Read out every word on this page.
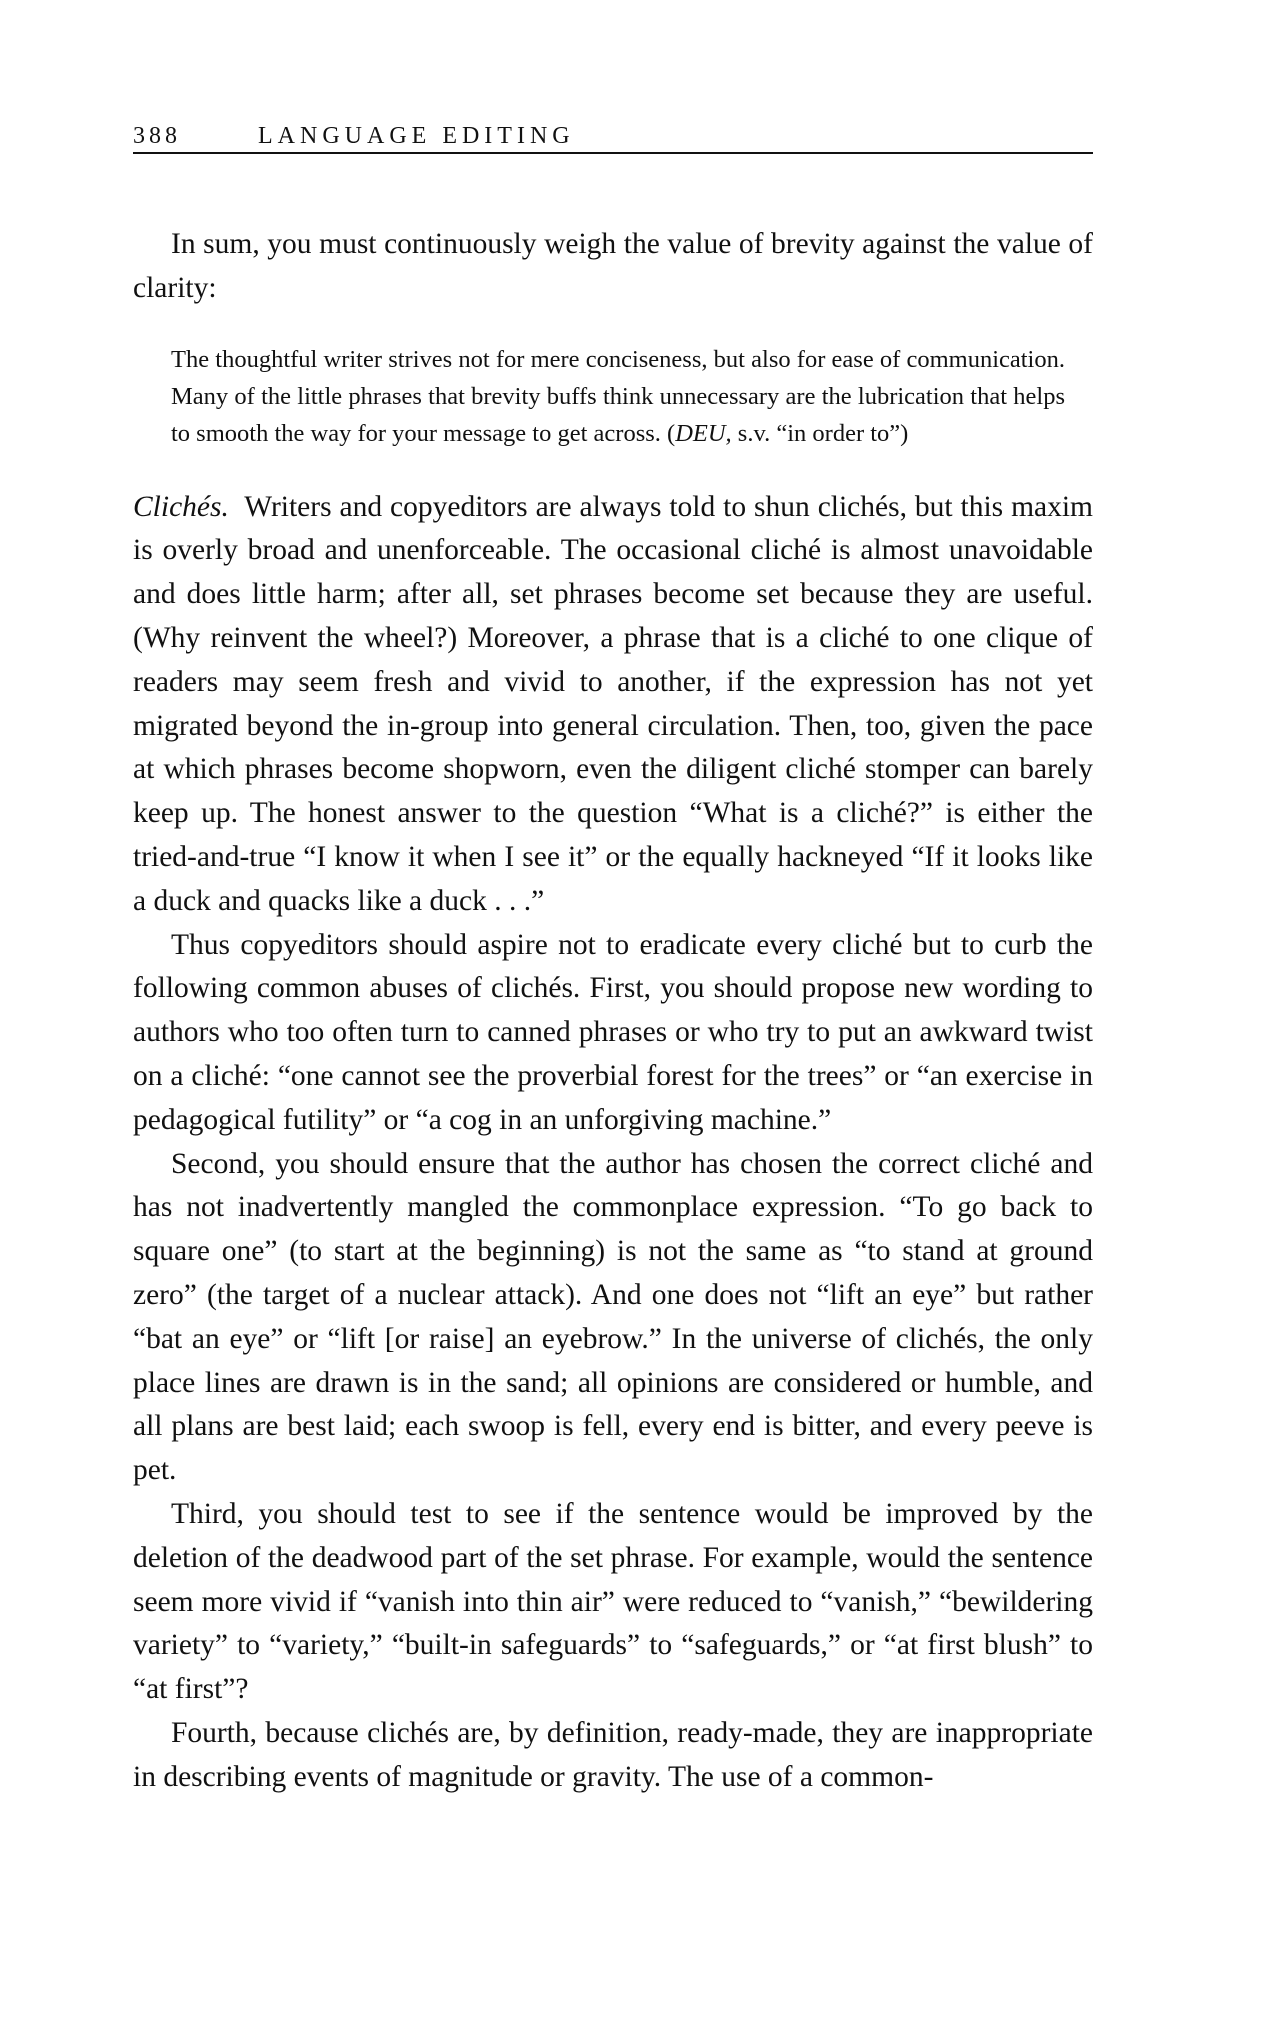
388	LANGUAGE EDITING

In sum, you must continuously weigh the value of brevity against the value of clarity:

The thoughtful writer strives not for mere conciseness, but also for ease of communication. Many of the little phrases that brevity buffs think unnecessary are the lubrication that helps to smooth the way for your message to get across. (DEU, s.v. “in order to”)

Clichés. Writers and copyeditors are always told to shun clichés, but this maxim is overly broad and unenforceable. The occasional cliché is almost unavoidable and does little harm; after all, set phrases become set because they are useful. (Why reinvent the wheel?) Moreover, a phrase that is a cliché to one clique of readers may seem fresh and vivid to another, if the expression has not yet migrated beyond the in-group into general circulation. Then, too, given the pace at which phrases become shopworn, even the diligent cliché stomper can barely keep up. The honest answer to the question “What is a cliché?” is either the tried-and-true “I know it when I see it” or the equally hackneyed “If it looks like a duck and quacks like a duck . . .”

Thus copyeditors should aspire not to eradicate every cliché but to curb the following common abuses of clichés. First, you should propose new wording to authors who too often turn to canned phrases or who try to put an awkward twist on a cliché: “one cannot see the proverbial forest for the trees” or “an exercise in pedagogical futility” or “a cog in an unforgiving machine.”

Second, you should ensure that the author has chosen the correct cliché and has not inadvertently mangled the commonplace expression. “To go back to square one” (to start at the beginning) is not the same as “to stand at ground zero” (the target of a nuclear attack). And one does not “lift an eye” but rather “bat an eye” or “lift [or raise] an eyebrow.” In the universe of clichés, the only place lines are drawn is in the sand; all opinions are considered or humble, and all plans are best laid; each swoop is fell, every end is bitter, and every peeve is pet.

Third, you should test to see if the sentence would be improved by the deletion of the deadwood part of the set phrase. For example, would the sentence seem more vivid if “vanish into thin air” were reduced to “vanish,” “bewildering variety” to “variety,” “built-in safeguards” to “safeguards,” or “at first blush” to “at first”?

Fourth, because clichés are, by definition, ready-made, they are inappropriate in describing events of magnitude or gravity. The use of a common-
